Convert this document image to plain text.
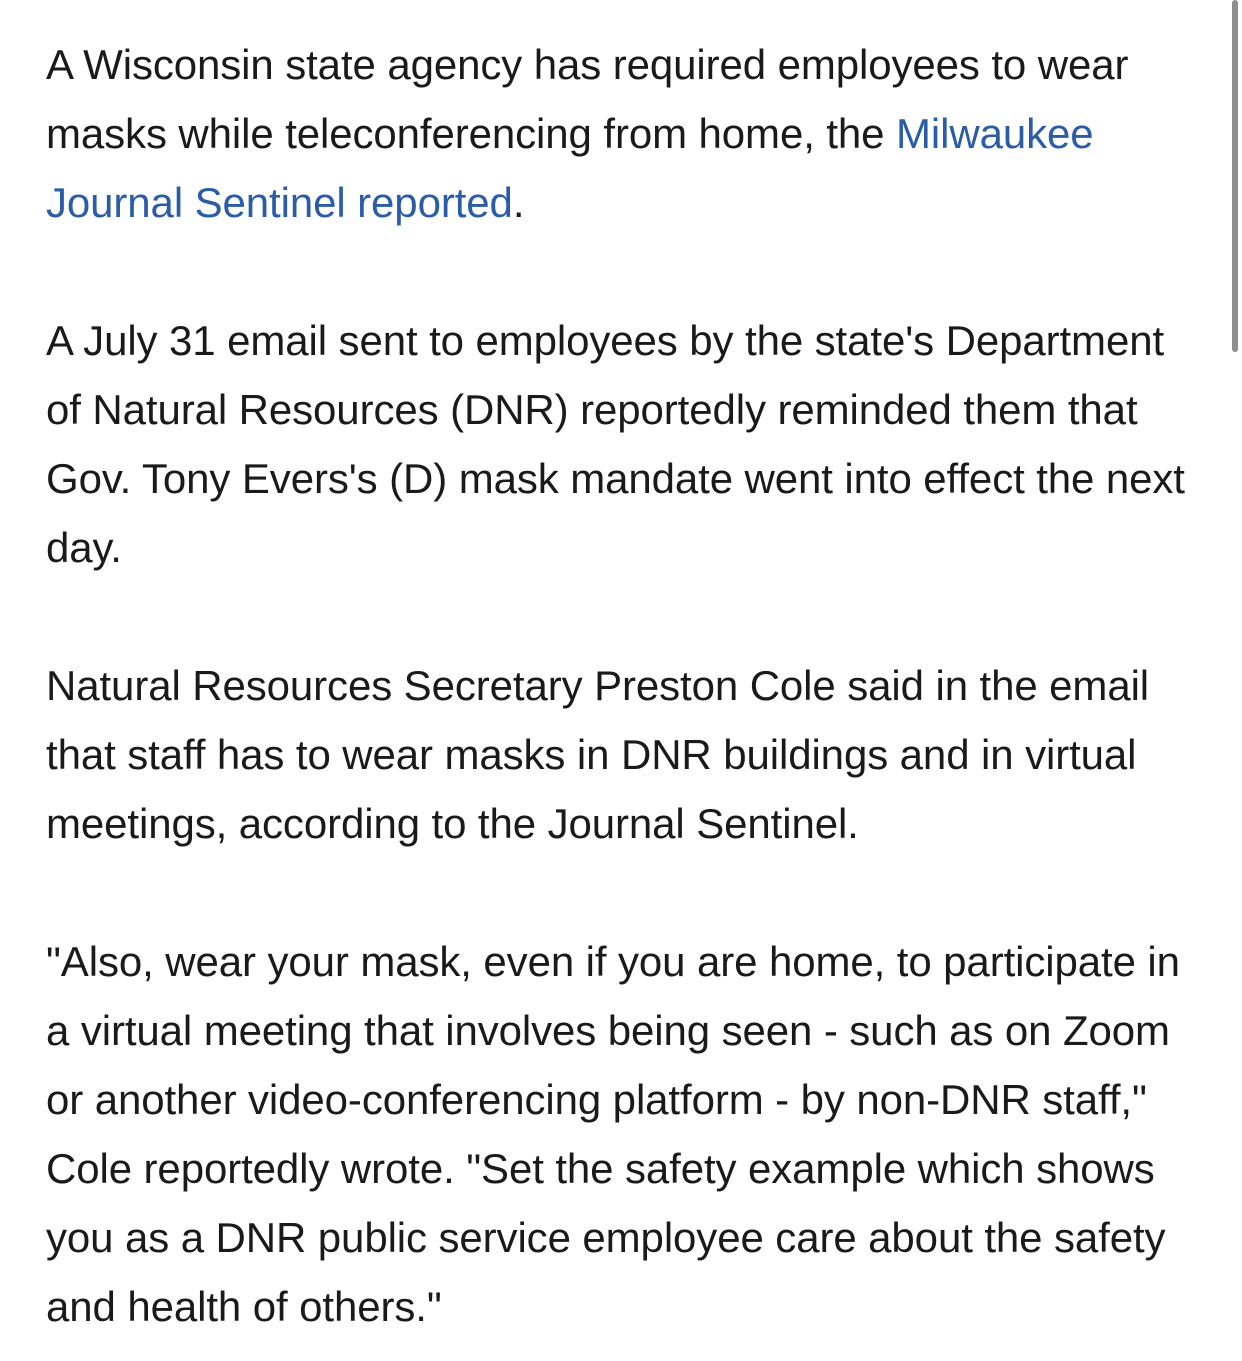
A Wisconsin state agency has required employees to wear masks while teleconferencing from home, the Milwaukee Journal Sentinel reported.

A July 31 email sent to employees by the state's Department of Natural Resources (DNR) reportedly reminded them that Gov. Tony Evers's (D) mask mandate went into effect the next day.

Natural Resources Secretary Preston Cole said in the email that staff has to wear masks in DNR buildings and in virtual meetings, according to the Journal Sentinel.

"Also, wear your mask, even if you are home, to participate in a virtual meeting that involves being seen - such as on Zoom or another video-conferencing platform - by non-DNR staff," Cole reportedly wrote. "Set the safety example which shows you as a DNR public service employee care about the safety and health of others."
